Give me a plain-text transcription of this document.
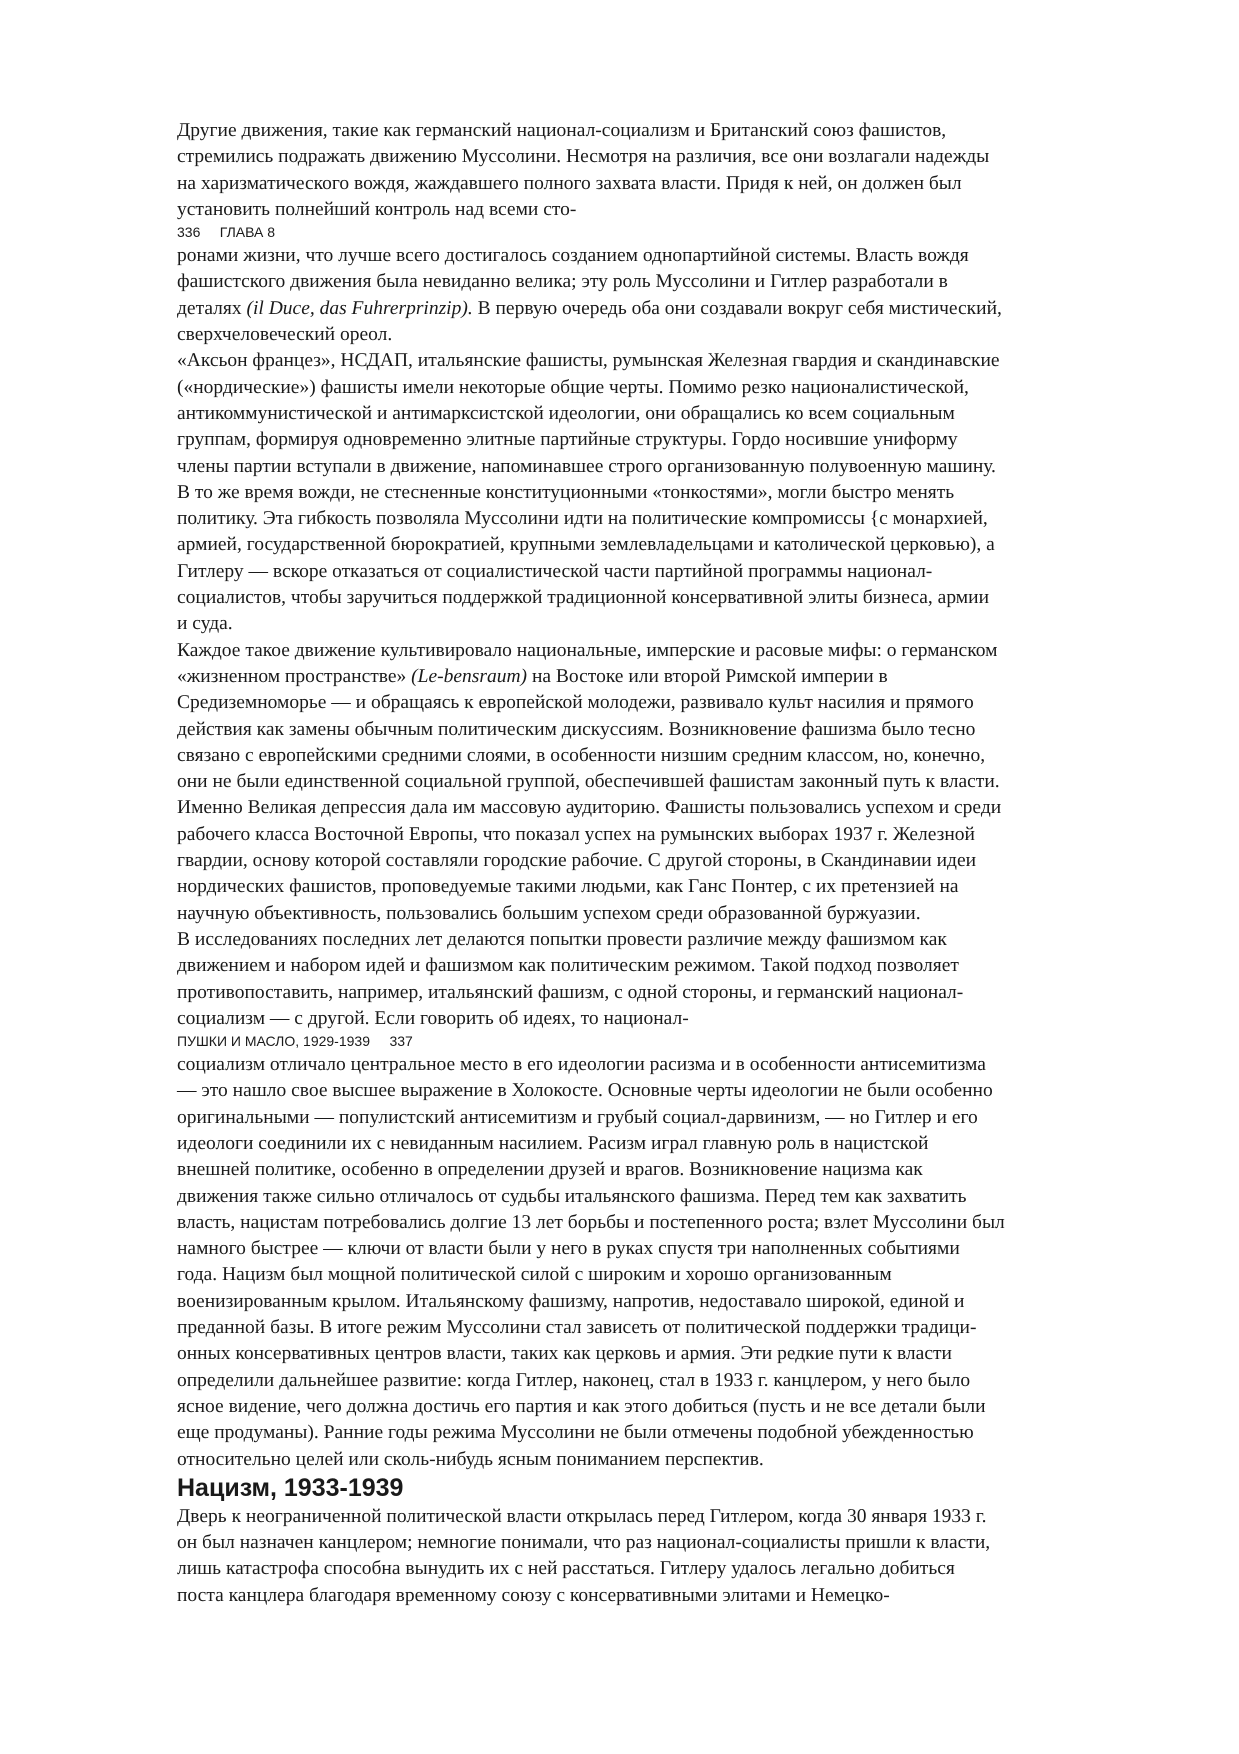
Другие движения, такие как германский национал-социализм и Британский союз фашистов,
стремились подражать движению Муссолини. Несмотря на различия, все они возлагали надежды
на харизматического вождя, жаждавшего полного захвата власти. Придя к ней, он должен был
установить полнейший контроль над всеми сто-

336     ГЛАВА 8

ронами жизни, что лучше всего достигалось созданием однопартийной системы. Власть вождя
фашистского движения была невиданно велика; эту роль Муссолини и Гитлер разработали в
деталях (il Duce, das Fuhrerprinzip). В первую очередь оба они создавали вокруг себя мистический,
сверхчеловеческий ореол.

«Аксьон францез», НСДАП, итальянские фашисты, румынская Железная гвардия и скандинавские
(«нордические») фашисты имели некоторые общие черты. Помимо резко националистической,
антикоммунистической и антимарксистской идеологии, они обращались ко всем социальным
группам, формируя одновременно элитные партийные структуры. Гордо носившие униформу
члены партии вступали в движение, напоминавшее строго организованную полувоенную машину.
В то же время вожди, не стесненные конституционными «тонкостями», могли быстро менять
политику. Эта гибкость позволяла Муссолини идти на политические компромиссы {с монархией,
армией, государственной бюрократией, крупными землевладельцами и католической церковью), а
Гитлеру — вскоре отказаться от социалистической части партийной программы национал-
социалистов, чтобы заручиться поддержкой традиционной консервативной элиты бизнеса, армии
и суда.

Каждое такое движение культивировало национальные, имперские и расовые мифы: о германском
«жизненном пространстве» (Le-bensraum) на Востоке или второй Римской империи в
Средиземноморье — и обращаясь к европейской молодежи, развивало культ насилия и прямого
действия как замены обычным политическим дискуссиям. Возникновение фашизма было тесно
связано с европейскими средними слоями, в особенности низшим средним классом, но, конечно,
они не были единственной социальной группой, обеспечившей фашистам законный путь к власти.
Именно Великая депрессия дала им массовую аудиторию. Фашисты пользовались успехом и среди
рабочего класса Восточной Европы, что показал успех на румынских выборах 1937 г. Железной
гвардии, основу которой составляли городские рабочие. С другой стороны, в Скандинавии идеи
нордических фашистов, проповедуемые такими людьми, как Ганс Понтер, с их претензией на
научную объективность, пользовались большим успехом среди образованной буржуазии.

В исследованиях последних лет делаются попытки провести различие между фашизмом как
движением и набором идей и фашизмом как политическим режимом. Такой подход позволяет
противопоставить, например, итальянский фашизм, с одной стороны, и германский национал-
социализм — с другой. Если говорить об идеях, то национал-

ПУШКИ И МАСЛО, 1929-1939     337

социализм отличало центральное место в его идеологии расизма и в особенности антисемитизма
— это нашло свое высшее выражение в Холокосте. Основные черты идеологии не были особенно
оригинальными — популистский антисемитизм и грубый социал-дарвинизм, — но Гитлер и его
идеологи соединили их с невиданным насилием. Расизм играл главную роль в нацистской
внешней политике, особенно в определении друзей и врагов. Возникновение нацизма как
движения также сильно отличалось от судьбы итальянского фашизма. Перед тем как захватить
власть, нацистам потребовались долгие 13 лет борьбы и постепенного роста; взлет Муссолини был
намного быстрее — ключи от власти были у него в руках спустя три наполненных событиями
года. Нацизм был мощной политической силой с широким и хорошо организованным
военизированным крылом. Итальянскому фашизму, напротив, недоставало широкой, единой и
преданной базы. В итоге режим Муссолини стал зависеть от политической поддержки традици-
онных консервативных центров власти, таких как церковь и армия. Эти редкие пути к власти
определили дальнейшее развитие: когда Гитлер, наконец, стал в 1933 г. канцлером, у него было
ясное видение, чего должна достичь его партия и как этого добиться (пусть и не все детали были
еще продуманы). Ранние годы режима Муссолини не были отмечены подобной убежденностью
относительно целей или сколь-нибудь ясным пониманием перспектив.

Нацизм, 1933-1939

Дверь к неограниченной политической власти открылась перед Гитлером, когда 30 января 1933 г.
он был назначен канцлером; немногие понимали, что раз национал-социалисты пришли к власти,
лишь катастрофа способна вынудить их с ней расстаться. Гитлеру удалось легально добиться
поста канцлера благодаря временному союзу с консервативными элитами и Немецко-
